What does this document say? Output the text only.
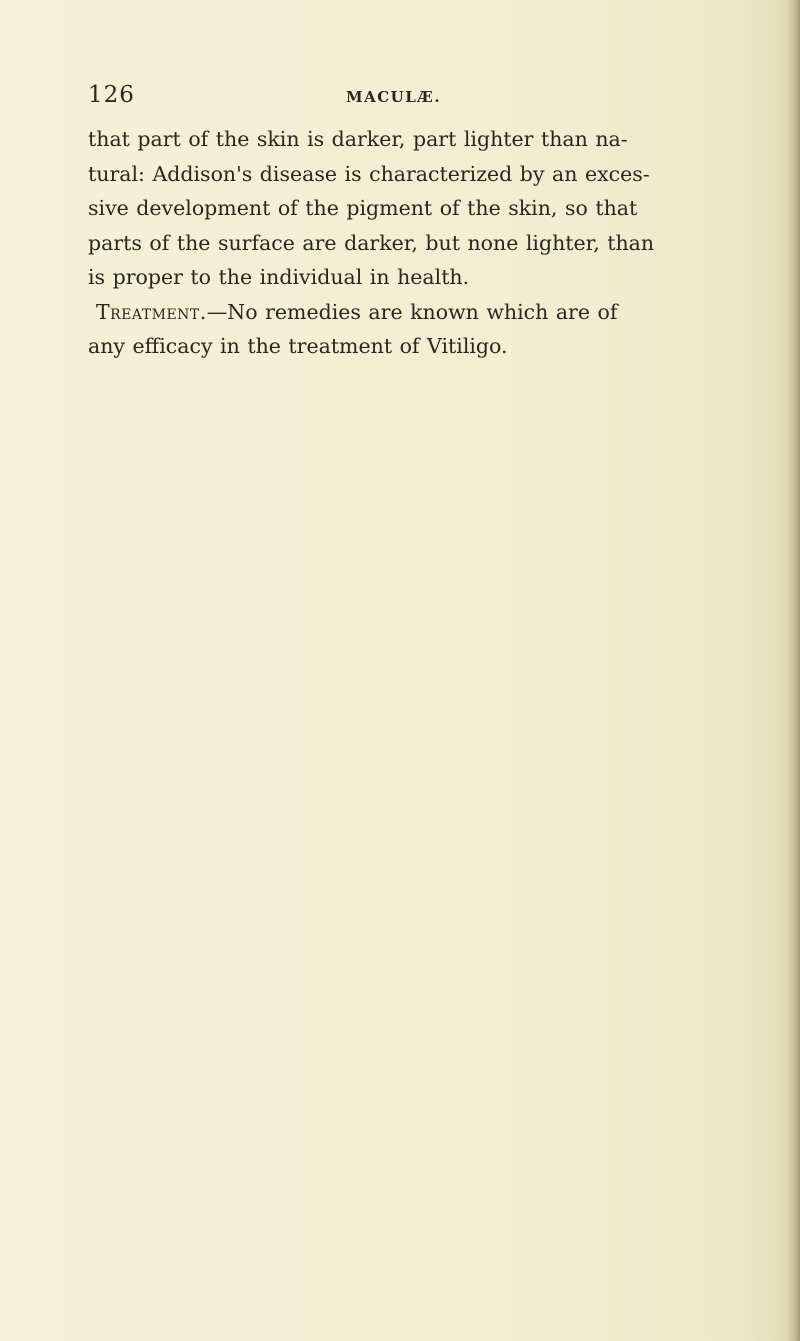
126	MACULÆ.
that part of the skin is darker, part lighter than na-
tural: Addison's disease is characterized by an exces-
sive development of the pigment of the skin, so that
parts of the surface are darker, but none lighter, than
is proper to the individual in health.
Treatment.—No remedies are known which are of
any efficacy in the treatment of Vitiligo.
